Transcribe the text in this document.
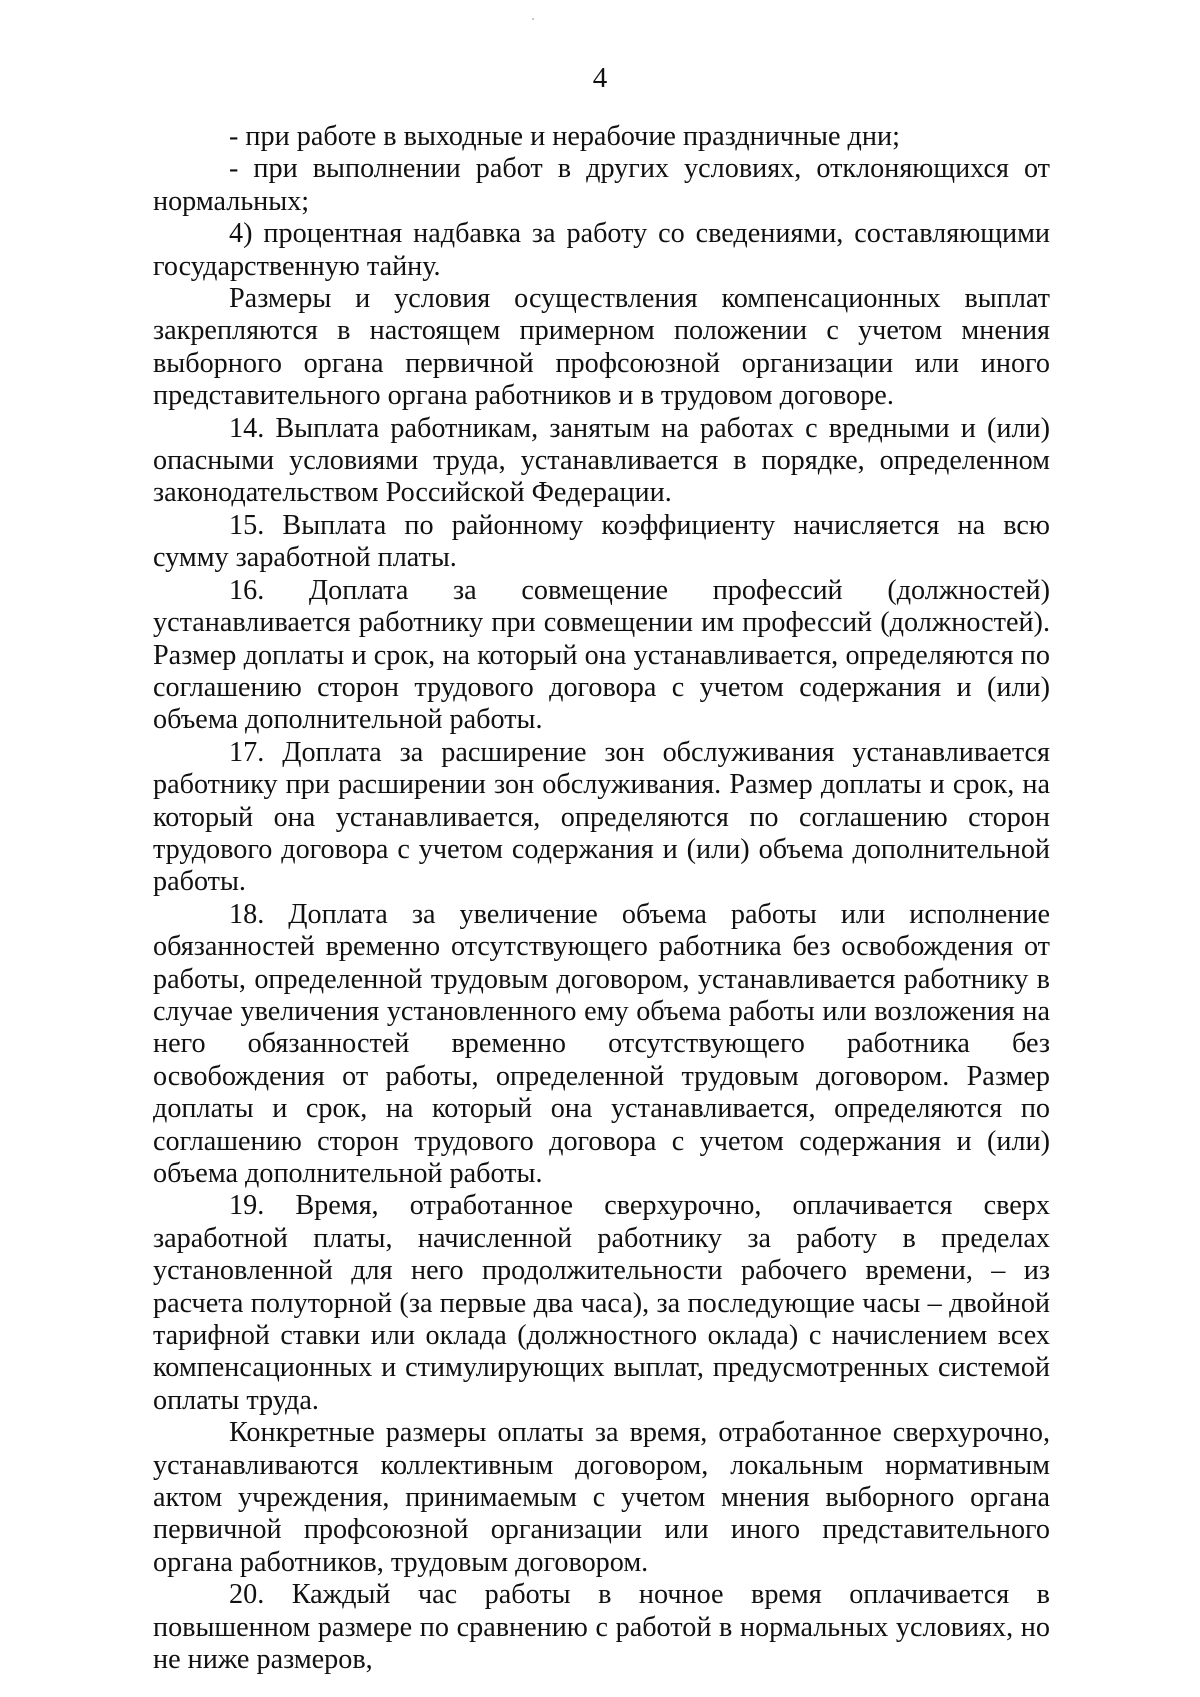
4

- при работе в выходные и нерабочие праздничные дни;

- при выполнении работ в других условиях, отклоняющихся от нормальных;

4) процентная надбавка за работу со сведениями, составляющими государственную тайну.

Размеры и условия осуществления компенсационных выплат закрепляются в настоящем примерном положении с учетом мнения выборного органа первичной профсоюзной организации или иного представительного органа работников и в трудовом договоре.

14. Выплата работникам, занятым на работах с вредными и (или) опасными условиями труда, устанавливается в порядке, определенном законодательством Российской Федерации.

15. Выплата по районному коэффициенту начисляется на всю сумму заработной платы.

16. Доплата за совмещение профессий (должностей) устанавливается работнику при совмещении им профессий (должностей). Размер доплаты и срок, на который она устанавливается, определяются по соглашению сторон трудового договора с учетом содержания и (или) объема дополнительной работы.

17. Доплата за расширение зон обслуживания устанавливается работнику при расширении зон обслуживания. Размер доплаты и срок, на который она устанавливается, определяются по соглашению сторон трудового договора с учетом содержания и (или) объема дополнительной работы.

18. Доплата за увеличение объема работы или исполнение обязанностей временно отсутствующего работника без освобождения от работы, определенной трудовым договором, устанавливается работнику в случае увеличения установленного ему объема работы или возложения на него обязанностей временно отсутствующего работника без освобождения от работы, определенной трудовым договором. Размер доплаты и срок, на который она устанавливается, определяются по соглашению сторон трудового договора с учетом содержания и (или) объема дополнительной работы.

19. Время, отработанное сверхурочно, оплачивается сверх заработной платы, начисленной работнику за работу в пределах установленной для него продолжительности рабочего времени, – из расчета полуторной (за первые два часа), за последующие часы – двойной тарифной ставки или оклада (должностного оклада) с начислением всех компенсационных и стимулирующих выплат, предусмотренных системой оплаты труда.

Конкретные размеры оплаты за время, отработанное сверхурочно, устанавливаются коллективным договором, локальным нормативным актом учреждения, принимаемым с учетом мнения выборного органа первичной профсоюзной организации или иного представительного органа работников, трудовым договором.

20. Каждый час работы в ночное время оплачивается в повышенном размере по сравнению с работой в нормальных условиях, но не ниже размеров,
